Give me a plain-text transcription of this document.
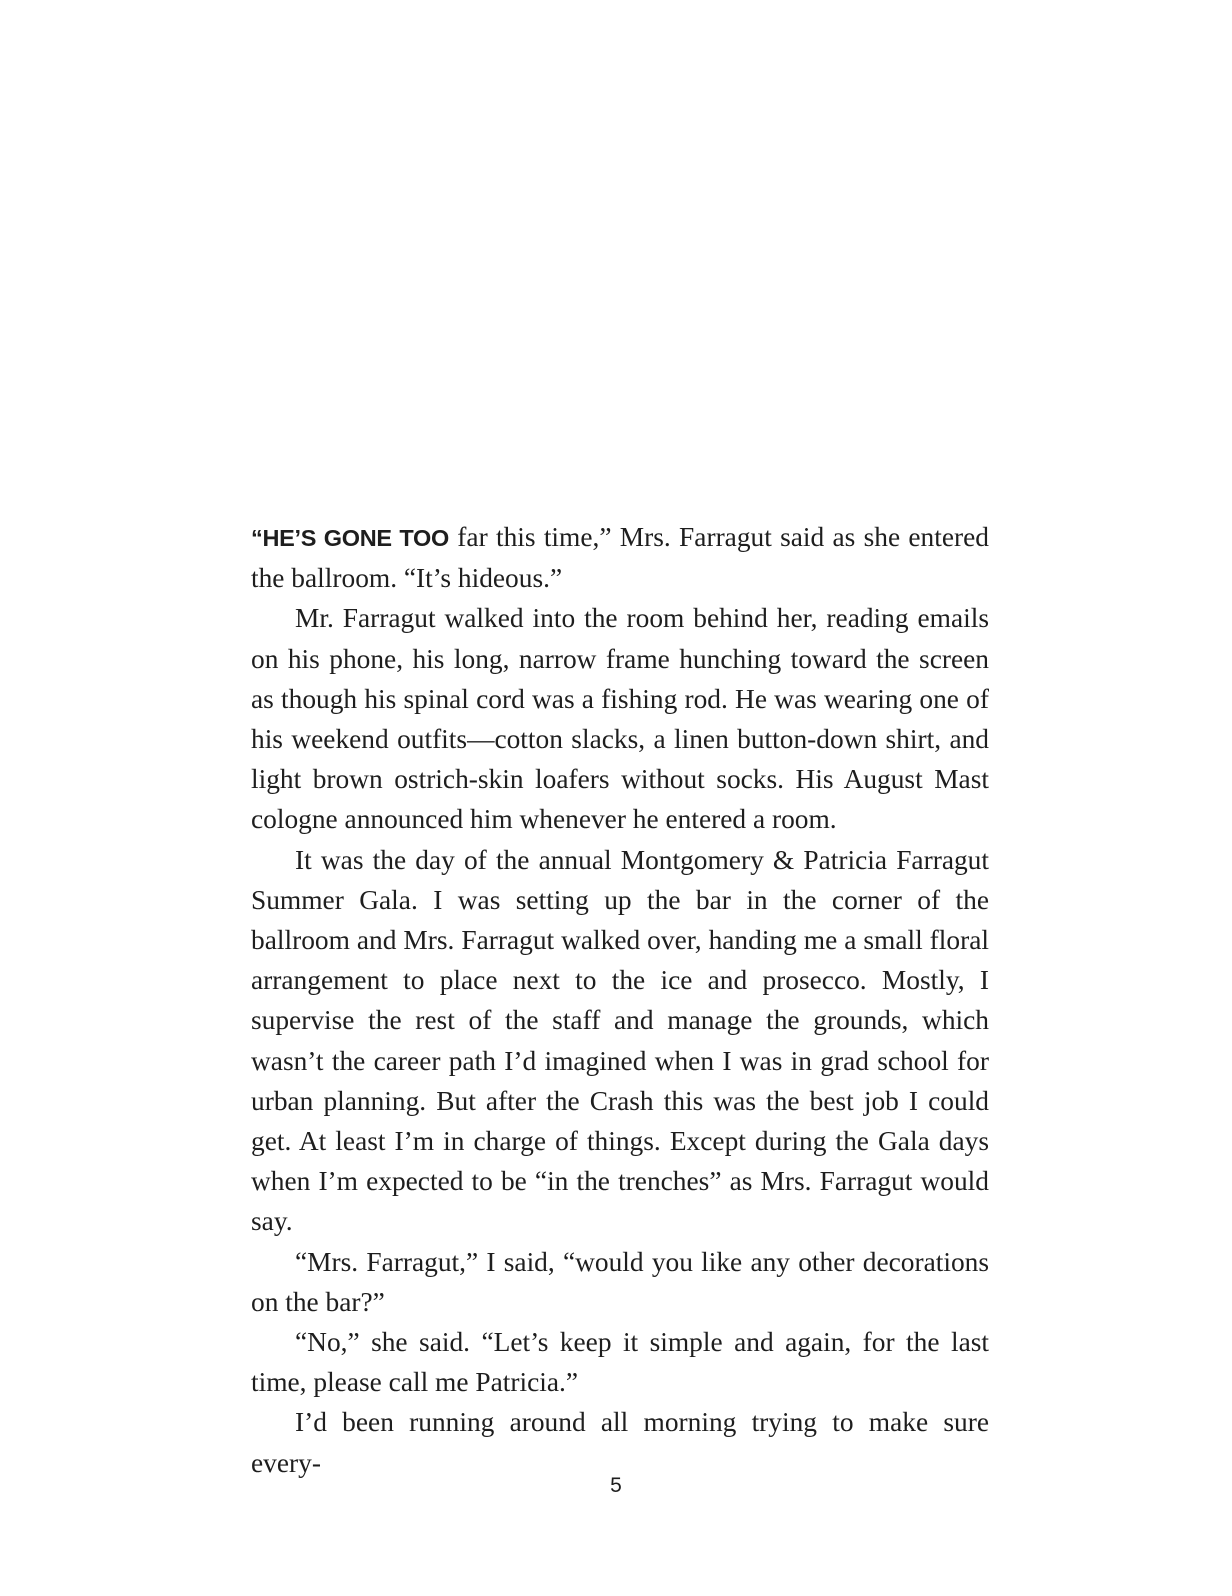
“HE’S GONE TOO far this time,” Mrs. Farragut said as she entered the ballroom. “It’s hideous.”

Mr. Farragut walked into the room behind her, reading emails on his phone, his long, narrow frame hunching toward the screen as though his spinal cord was a fishing rod. He was wearing one of his weekend outfits—cotton slacks, a linen button-down shirt, and light brown ostrich-skin loafers without socks. His August Mast cologne announced him whenever he entered a room.

It was the day of the annual Montgomery & Patricia Farragut Summer Gala. I was setting up the bar in the corner of the ballroom and Mrs. Farragut walked over, handing me a small floral arrangement to place next to the ice and prosecco. Mostly, I supervise the rest of the staff and manage the grounds, which wasn’t the career path I’d imagined when I was in grad school for urban planning. But after the Crash this was the best job I could get. At least I’m in charge of things. Except during the Gala days when I’m expected to be “in the trenches” as Mrs. Farragut would say.

“Mrs. Farragut,” I said, “would you like any other decorations on the bar?”

“No,” she said. “Let’s keep it simple and again, for the last time, please call me Patricia.”

I’d been running around all morning trying to make sure every-

5
